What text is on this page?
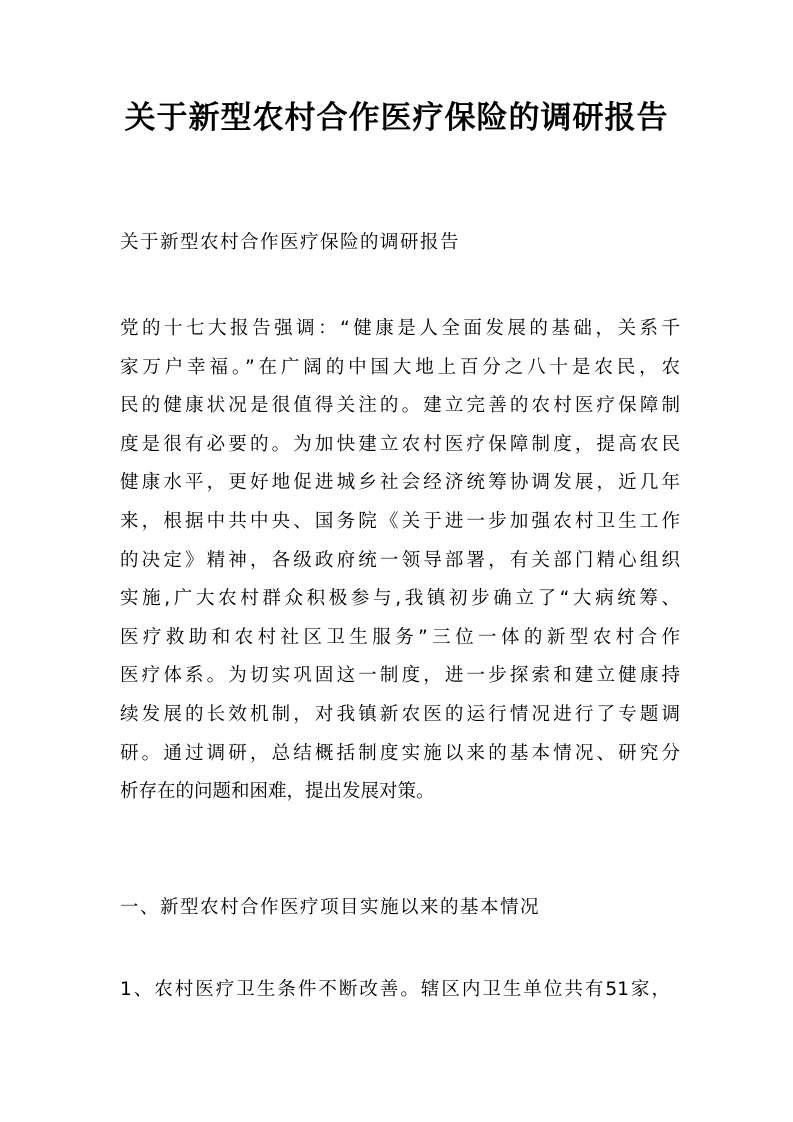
关于新型农村合作医疗保险的调研报告

关于新型农村合作医疗保险的调研报告

党的十七大报告强调：“健康是人全面发展的基础，关系千
家万户幸福。”在广阔的中国大地上百分之八十是农民，农
民的健康状况是很值得关注的。建立完善的农村医疗保障制
度是很有必要的。为加快建立农村医疗保障制度，提高农民
健康水平，更好地促进城乡社会经济统筹协调发展，近几年
来，根据中共中央、国务院《关于进一步加强农村卫生工作
的决定》精神，各级政府统一领导部署，有关部门精心组织
实施,广大农村群众积极参与,我镇初步确立了“大病统筹、
医疗救助和农村社区卫生服务”三位一体的新型农村合作
医疗体系。为切实巩固这一制度，进一步探索和建立健康持
续发展的长效机制，对我镇新农医的运行情况进行了专题调
研。通过调研，总结概括制度实施以来的基本情况、研究分
析存在的问题和困难，提出发展对策。

一、新型农村合作医疗项目实施以来的基本情况

1、农村医疗卫生条件不断改善。辖区内卫生单位共有51家，
